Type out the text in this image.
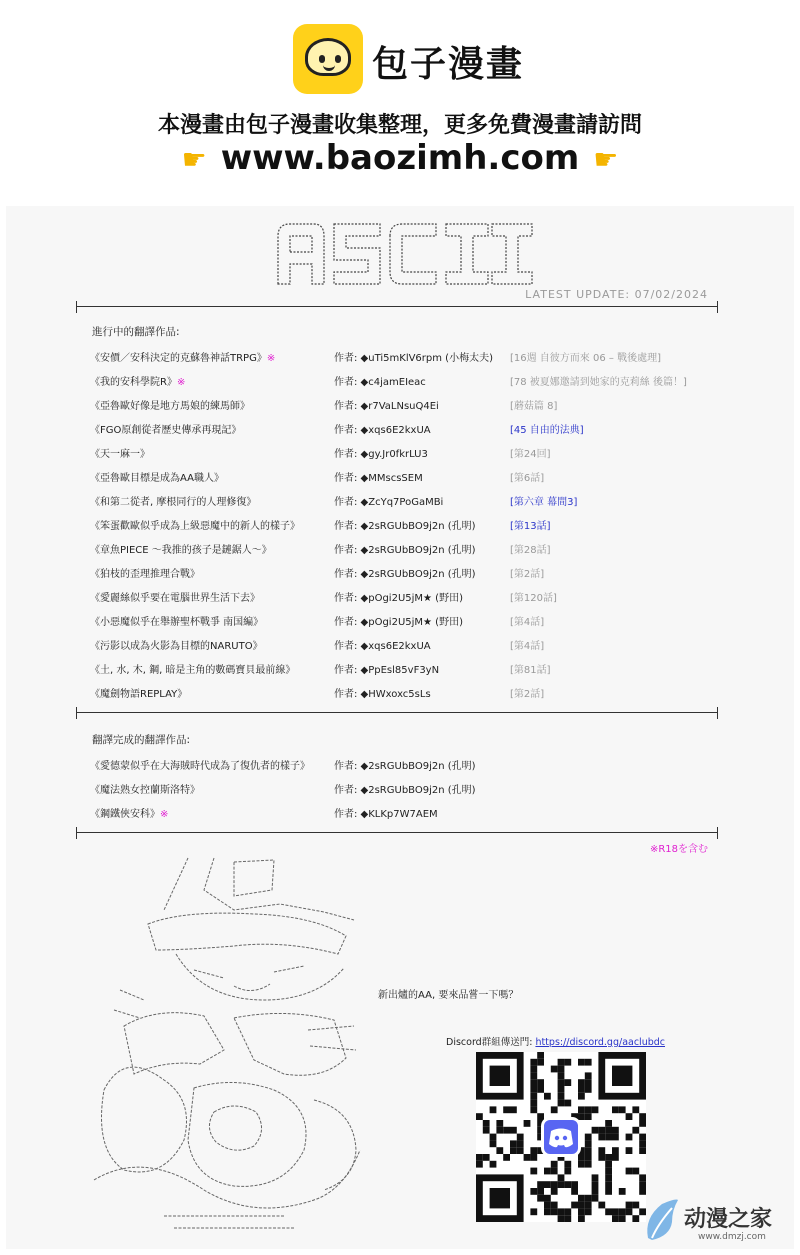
包子漫畫
本漫畫由包子漫畫收集整理，更多免費漫畫請訪問
☛ www.baozimh.com ☛
LATEST UPDATE: 07/02/2024
進行中的翻譯作品:
《安價／安科決定的克蘇魯神話TRPG》※	作者: ◆uTi5mKlV6rpm (小梅太夫) [16週 自彼方而來 06 – 戰後處理]
《我的安科學院R》※	作者: ◆c4jamEIeac	[78 被夏娜邀請到她家的克莉絲 後篇！]
《亞魯歐好像是地方馬娘的練馬師》	作者: ◆r7VaLNsuQ4Ei	[蘑菇篇 8]
《FGO原創從者歷史傳承再現記》	作者: ◆xqs6E2kxUA	[45 自由的法典]
《天一麻一》	作者: ◆gy.Jr0fkrLU3	[第24回]
《亞魯歐目標是成為AA職人》	作者: ◆MMscsSEM	[第6話]
《和第二從者, 摩根同行的人理修復》	作者: ◆ZcYq7PoGaMBi	[第六章 幕間3]
《笨蛋歡歐似乎成為上級惡魔中的新人的樣子》	作者: ◆2sRGUbBO9j2n (孔明)	[第13話]
《章魚PIECE ～我推的孩子是鏈鋸人～》	作者: ◆2sRGUbBO9j2n (孔明)	[第28話]
《狛枝的歪理推理合戰》	作者: ◆2sRGUbBO9j2n (孔明)	[第2話]
《愛麗絲似乎要在電腦世界生活下去》	作者: ◆pOgi2U5jM★ (野田)	[第120話]
《小惡魔似乎在舉辦聖杯戰爭 南国編》	作者: ◆pOgi2U5jM★ (野田)	[第4話]
《污影以成為火影為目標的NARUTO》	作者: ◆xqs6E2kxUA	[第4話]
《土, 水, 木, 鋼, 暗是主角的數碼寶貝最前線》	作者: ◆PpEsl85vF3yN	[第81話]
《魔劍物語REPLAY》	作者: ◆HWxoxc5sLs	[第2話]
翻譯完成的翻譯作品:
《愛德蒙似乎在大海賊時代成為了復仇者的樣子》 作者: ◆2sRGUbBO9j2n (孔明)
《魔法熟女控蘭斯洛特》	作者: ◆2sRGUbBO9j2n (孔明)
《鋼鐵俠安科》※	作者: ◆KLKp7W7AEM
※R18を含む
新出爐的AA, 要來品嘗一下嗎？
Discord群組傳送門: https://discord.gg/aaclubdc
动漫之家
www.dmzj.com
